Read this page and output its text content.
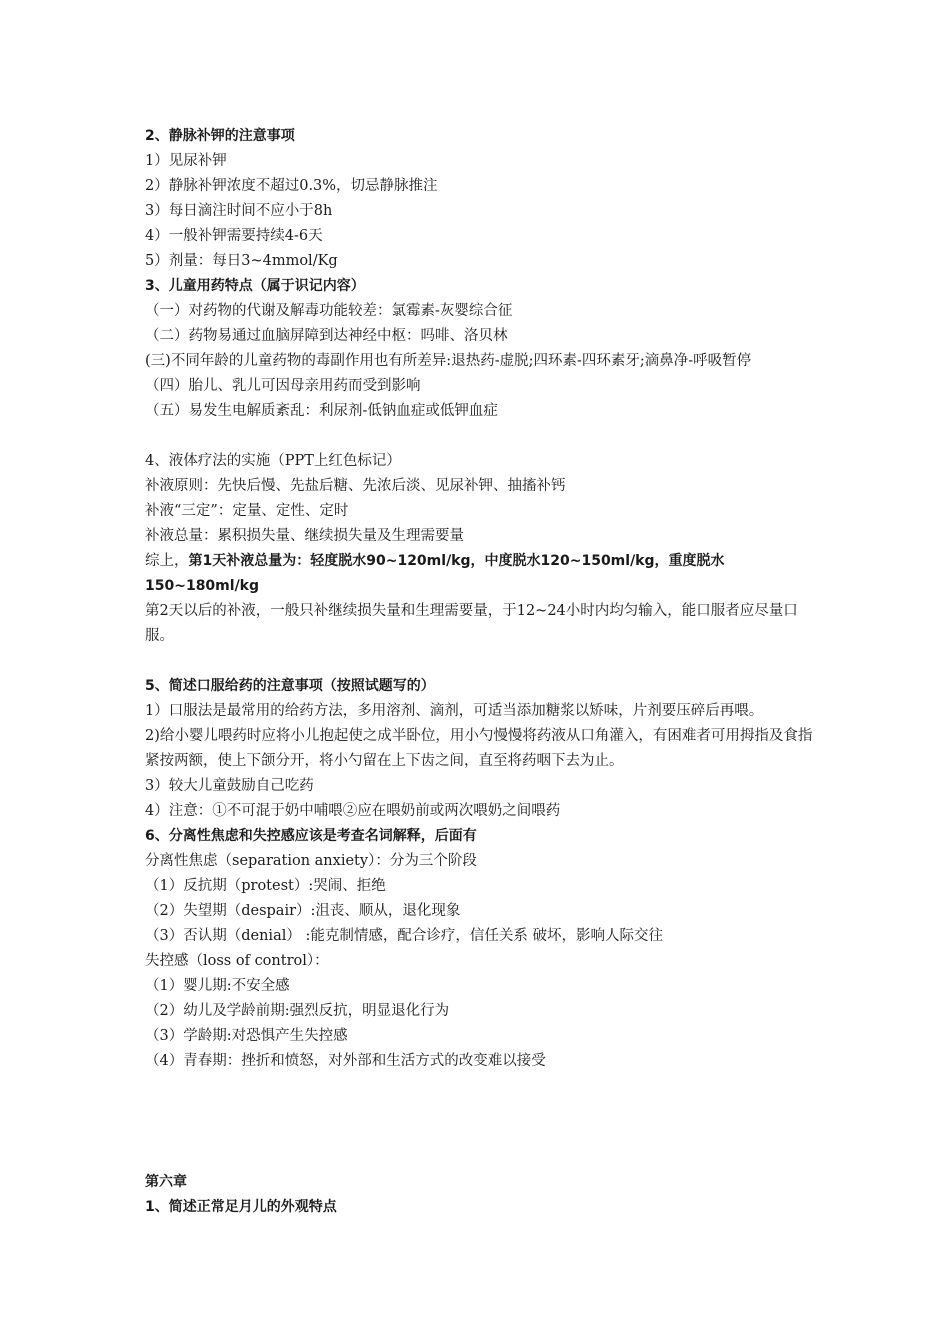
2、静脉补钾的注意事项
1）见尿补钾
2）静脉补钾浓度不超过0.3%，切忌静脉推注
3）每日滴注时间不应小于8h
4）一般补钾需要持续4-6天
5）剂量：每日3~4mmol/Kg
3、儿童用药特点（属于识记内容）
（一）对药物的代谢及解毒功能较差：氯霉素-灰婴综合征
（二）药物易通过血脑屏障到达神经中枢：吗啡、洛贝林
(三)不同年龄的儿童药物的毒副作用也有所差异:退热药-虚脱;四环素-四环素牙;滴鼻净-呼吸暂停
（四）胎儿、乳儿可因母亲用药而受到影响
（五）易发生电解质紊乱：利尿剂-低钠血症或低钾血症
4、液体疗法的实施（PPT上红色标记）
补液原则：先快后慢、先盐后糖、先浓后淡、见尿补钾、抽搐补钙
补液“三定”：定量、定性、定时
补液总量：累积损失量、继续损失量及生理需要量
综上，第1天补液总量为：轻度脱水90~120ml/kg，中度脱水120~150ml/kg，重度脱水150~180ml/kg
第2天以后的补液，一般只补继续损失量和生理需要量，于12~24小时内均匀输入，能口服者应尽量口服。
5、简述口服给药的注意事项（按照试题写的）
1）口服法是最常用的给药方法，多用溶剂、滴剂，可适当添加糖浆以矫味，片剂要压碎后再喂。
2)给小婴儿喂药时应将小儿抱起使之成半卧位，用小勺慢慢将药液从口角灌入，有困难者可用拇指及食指紧按两额，使上下颌分开，将小勺留在上下齿之间，直至将药咽下去为止。
3）较大儿童鼓励自己吃药
4）注意：①不可混于奶中哺喂②应在喂奶前或两次喂奶之间喂药
6、分离性焦虑和失控感应该是考查名词解释，后面有
分离性焦虑（separation anxiety）：分为三个阶段
（1）反抗期（protest）:哭闹、拒绝
（2）失望期（despair）:沮丧、顺从，退化现象
（3）否认期（denial） :能克制情感，配合诊疗，信任关系 破坏，影响人际交往
失控感（loss of control）：
（1）婴儿期:不安全感
（2）幼儿及学龄前期:强烈反抗，明显退化行为
（3）学龄期:对恐惧产生失控感
（4）青春期：挫折和愤怒，对外部和生活方式的改变难以接受
第六章
1、简述正常足月儿的外观特点
